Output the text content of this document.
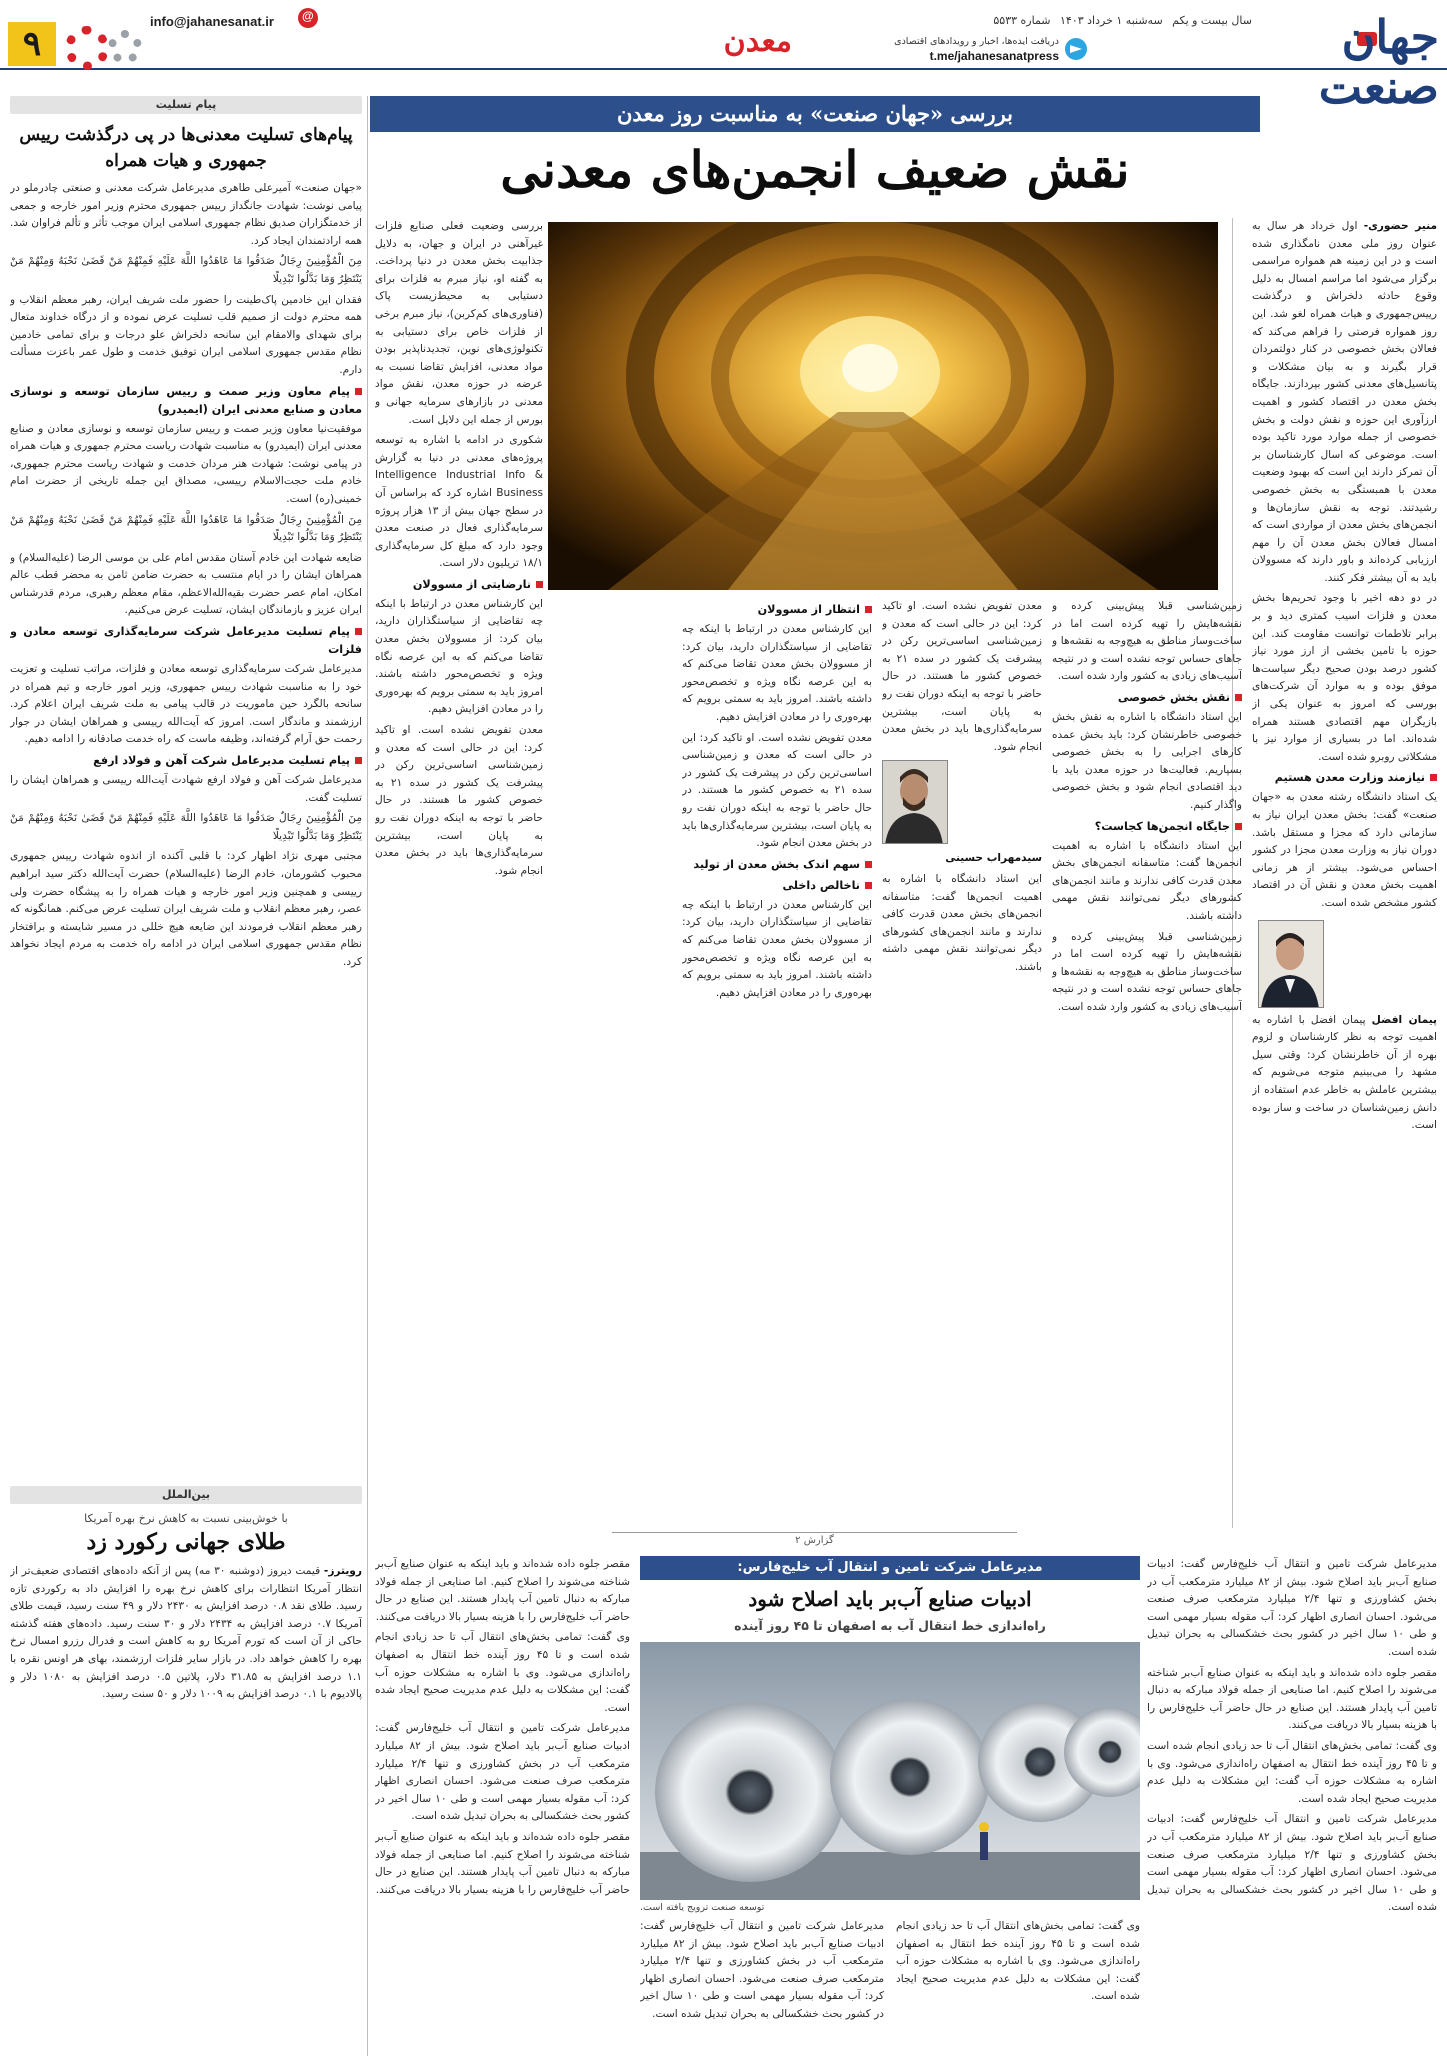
جهان صنعت
سال بیست و یکم سه‌شنبه ۱ خرداد ۱۴۰۳ شماره ۵۵۳۳
دریافت ایده‌ها، اخبار و رویدادهای اقتصادی
t.me/jahanesanatpress
معدن
@
info@jahanesanat.ir
۹
پیام تسلیت
پیام‌های تسلیت معدنی‌ها در پی درگذشت رییس جمهوری و هیات همراه

«جهان صنعت» آمیرعلی طاهری مدیرعامل شرکت معدنی و صنعتی چادرملو در پیامی نوشت: شهادت جانگداز رییس جمهوری محترم وزیر امور خارجه و جمعی از خدمتگزاران صدیق نظام جمهوری اسلامی ایران موجب تأثر و تألم فراوان شد. همه ارادتمندان ایجاد کرد.

مِنَ الْمُؤْمِنِينَ رِجَالٌ صَدَقُوا مَا عَاهَدُوا اللَّهَ عَلَيْهِ فَمِنْهُمْ مَنْ قَضَىٰ نَحْبَهُ وَمِنْهُمْ مَنْ يَنْتَظِرُ وَمَا بَدَّلُوا تَبْدِيلًا

فقدان این خادمین پاک‌طینت را حضور ملت شریف ایران، رهبر معظم انقلاب و همه محترم دولت از صمیم قلب تسلیت عرض نموده و از درگاه خداوند متعال برای شهدای والامقام این سانحه دلخراش علو درجات و برای تمامی خادمین نظام مقدس جمهوری اسلامی ایران توفیق خدمت و طول عمر باعزت مسألت دارم.

پیام معاون وزیر صمت و رییس سازمان توسعه و نوسازی معادن و صنایع معدنی ایران (ایمیدرو)

موفقیت‌نیا معاون وزیر صمت و رییس سازمان توسعه و نوسازی معادن و صنایع معدنی ایران (ایمیدرو) به مناسبت شهادت ریاست محترم جمهوری و هیات همراه در پیامی نوشت: شهادت هنر مردان خدمت و شهادت ریاست محترم جمهوری، خادم ملت حجت‌الاسلام رییسی، مصداق این جمله تاریخی از حضرت امام خمینی(ره) است.

مِنَ الْمُؤْمِنِينَ رِجَالٌ صَدَقُوا مَا عَاهَدُوا اللَّهَ عَلَيْهِ فَمِنْهُمْ مَنْ قَضَىٰ نَحْبَهُ وَمِنْهُمْ مَنْ يَنْتَظِرُ وَمَا بَدَّلُوا تَبْدِيلًا

ضایعه شهادت این خادم آستان مقدس امام علی بن موسی الرضا (علیه‌السلام) و همراهان ایشان را در ایام منتسب به حضرت ضامن ثامن به محضر قطب عالم امکان، امام عصر حضرت بقیه‌الله‌الاعظم، مقام معظم رهبری، مردم قدرشناس ایران عزیز و بازماندگان ایشان، تسلیت عرض می‌کنیم.

پیام تسلیت مدیرعامل شرکت سرمایه‌گذاری توسعه معادن و فلزات

مدیرعامل شرکت سرمایه‌گذاری توسعه معادن و فلزات، مراتب تسلیت و تعزیت خود را به مناسبت شهادت رییس جمهوری، وزیر امور خارجه و تیم همراه در سانحه بالگرد حین ماموریت در قالب پیامی به ملت شریف ایران اعلام کرد. ارزشمند و ماندگار است. امروز که آیت‌الله رییسی و همراهان ایشان در جوار رحمت حق آرام گرفته‌اند، وظیفه ماست که راه خدمت صادقانه را ادامه دهیم.

پیام تسلیت مدیرعامل شرکت آهن و فولاد ارفع

مدیرعامل شرکت آهن و فولاد ارفع شهادت آیت‌الله رییسی و همراهان ایشان را تسلیت گفت.

مِنَ الْمُؤْمِنِينَ رِجَالٌ صَدَقُوا مَا عَاهَدُوا اللَّهَ عَلَيْهِ فَمِنْهُمْ مَنْ قَضَىٰ نَحْبَهُ وَمِنْهُمْ مَنْ يَنْتَظِرُ وَمَا بَدَّلُوا تَبْدِيلًا

مجتبی مهری نژاد اظهار کرد: با قلبی آکنده از اندوه شهادت رییس جمهوری محبوب کشورمان، خادم الرضا (علیه‌السلام) حضرت آیت‌الله دکتر سید ابراهیم رییسی و همچنین وزیر امور خارجه و هیات همراه را به پیشگاه حضرت ولی عصر، رهبر معظم انقلاب و ملت شریف ایران تسلیت عرض می‌کنم. همانگونه که رهبر معظم انقلاب فرمودند این ضایعه هیچ خللی در مسیر شایسته و برافتخار نظام مقدس جمهوری اسلامی ایران در ادامه راه خدمت به مردم ایجاد نخواهد کرد.

بین‌الملل
با خوش‌بینی نسبت به کاهش نرخ بهره آمریکا
طلای جهانی رکورد زد

رویترز- قیمت دیروز (دوشنبه ۳۰ مه) پس از آنکه داده‌های اقتصادی ضعیف‌تر از انتظار آمریکا انتظارات برای کاهش نرخ بهره را افزایش داد به رکوردی تازه رسید. طلای نقد ۰.۸ درصد افزایش به ۲۴۳۰ دلار و ۴۹ سنت رسید، قیمت طلای آمریکا ۰.۷ درصد افزایش به ۲۴۳۴ دلار و ۳۰ سنت رسید. داده‌های هفته گذشته حاکی از آن است که تورم آمریکا رو به کاهش است و فدرال رزرو امسال نرخ بهره را کاهش خواهد داد. در بازار سایر فلزات ارزشمند، بهای هر اونس نقره با ۱.۱ درصد افزایش به ۳۱.۸۵ دلار، پلاتین ۰.۵ درصد افزایش به ۱۰۸۰ دلار و پالادیوم با ۰.۱ درصد افزایش به ۱۰۰۹ دلار و ۵۰ سنت رسید.

بررسی «جهان صنعت» به مناسبت روز معدن
نقش ضعیف انجمن‌های معدنی

منیر حضوری- اول خرداد هر سال به عنوان روز ملی معدن نامگذاری شده است و در این زمینه هم همواره مراسمی برگزار می‌شود اما مراسم امسال به دلیل وقوع حادثه دلخراش و درگذشت رییس‌جمهوری و هیات همراه لغو شد. این روز همواره فرصتی را فراهم می‌کند که فعالان بخش خصوصی در کنار دولتمردان قرار بگیرند و به بیان مشکلات و پتانسیل‌های معدنی کشور بپردازند. جایگاه بخش معدن در اقتصاد کشور و اهمیت ارزآوری این حوزه و نقش دولت و بخش خصوصی از جمله موارد مورد تاکید بوده است. موضوعی که اسال کارشناسان بر آن تمرکز دارند این است که بهبود وضعیت معدن با همبستگی به بخش خصوصی رشیدتند. توجه به نقش سازمان‌ها و انجمن‌های بخش معدن از مواردی است که امسال فعالان بخش معدن آن را مهم ارزیابی کرده‌اند و باور دارند که مسوولان باید به آن بیشتر فکر کنند.

در دو دهه اخیر با وجود تحریم‌ها بخش معدن و فلزات اسیب کمتری دید و بر برابر تلاطمات توانست مقاومت کند. این حوزه با تامین بخشی از ارز مورد نیاز کشور درصد بودن صحیح دیگر سیاست‌ها موفق بوده و به موارد آن شرکت‌های بورسی که امروز به عنوان یکی از بازیگران مهم اقتصادی هستند همراه شده‌اند. اما در بسیاری از موارد نیز با مشکلاتی روبرو شده است.

نیازمند وزارت معدن هستیم

یک استاد دانشگاه رشته معدن به «جهان صنعت» گفت: بخش معدن ایران نیاز به سازمانی دارد که مجزا و مستقل باشد. دوران نیاز به وزارت معدن مجزا در کشور احساس می‌شود. بیشتر از هر زمانی اهمیت بخش معدن و نقش آن در اقتصاد کشور مشخص شده است.

پیمان افضل پیمان افضل با اشاره به اهمیت توجه به نظر کارشناسان و لزوم بهره از آن خاطرنشان کرد: وقتی سیل مشهد را می‌بینیم متوجه می‌شویم که بیشترین عاملش به خاطر عدم استفاده از دانش زمین‌شناسان در ساخت و ساز بوده است.

زمین‌شناسی قبلا پیش‌بینی کرده و نقشه‌هایش را تهیه کرده است اما در ساخت‌وساز مناطق به هیچ‌وجه به نقشه‌ها و جاهای حساس توجه نشده است و در نتیجه آسیب‌های زیادی به کشور وارد شده است.

نقش بخش خصوصی

این استاد دانشگاه با اشاره به نقش بخش خصوصی خاطرنشان کرد: باید بخش عمده کارهای اجرایی را به بخش خصوصی بسپاریم. فعالیت‌ها در حوزه معدن باید با دید اقتصادی انجام شود و بخش خصوصی واگذار کنیم.

جایگاه انجمن‌ها کجاست؟

این استاد دانشگاه با اشاره به اهمیت انجمن‌ها گفت: متاسفانه انجمن‌های بخش معدن قدرت کافی ندارند و مانند انجمن‌های کشورهای دیگر نمی‌توانند نقش مهمی داشته باشند.

زمین‌شناسی قبلا پیش‌بینی کرده و نقشه‌هایش را تهیه کرده است اما در ساخت‌وساز مناطق به هیچ‌وجه به نقشه‌ها و جاهای حساس توجه نشده است و در نتیجه آسیب‌های زیادی به کشور وارد شده است.

معدن تفویض نشده است. او تاکید کرد: این در حالی است که معدن و زمین‌شناسی اساسی‌ترین رکن در پیشرفت یک کشور در سده ۲۱ به خصوص کشور ما هستند. در حال حاضر با توجه به اینکه دوران نفت رو به پایان است، بیشترین سرمایه‌گذاری‌ها باید در بخش معدن انجام شود.

سیدمهراب حسینی

این استاد دانشگاه با اشاره به اهمیت انجمن‌ها گفت: متاسفانه انجمن‌های بخش معدن قدرت کافی ندارند و مانند انجمن‌های کشورهای دیگر نمی‌توانند نقش مهمی داشته باشند.

انتظار از مسوولان

این کارشناس معدن در ارتباط با اینکه چه تقاضایی از سیاستگذاران دارید، بیان کرد: از مسوولان بخش معدن تقاضا می‌کنم که به این عرصه نگاه ویژه و تخصص‌محور داشته باشند. امروز باید به سمتی برویم که بهره‌وری را در معادن افزایش دهیم.

معدن تفویض نشده است. او تاکید کرد: این در حالی است که معدن و زمین‌شناسی اساسی‌ترین رکن در پیشرفت یک کشور در سده ۲۱ به خصوص کشور ما هستند. در حال حاضر با توجه به اینکه دوران نفت رو به پایان است، بیشترین سرمایه‌گذاری‌ها باید در بخش معدن انجام شود.

سهم اندک بخش معدن از تولید
ناخالص داخلی

این کارشناس معدن در ارتباط با اینکه چه تقاضایی از سیاستگذاران دارید، بیان کرد: از مسوولان بخش معدن تقاضا می‌کنم که به این عرصه نگاه ویژه و تخصص‌محور داشته باشند. امروز باید به سمتی برویم که بهره‌وری را در معادن افزایش دهیم.

بررسی وضعیت فعلی صنایع فلزات غیرآهنی در ایران و جهان، به دلایل جذابیت بخش معدن در دنیا پرداخت. به گفته او، نیاز مبرم به فلزات برای دستیابی به محیط‌زیست پاک (فناوری‌های کم‌کربن)، نیاز مبرم برخی از فلزات خاص برای دستیابی به تکنولوژی‌های نوین، تجدیدناپذیر بودن مواد معدنی، افزایش تقاضا نسبت به عرضه در حوزه معدن، نقش مواد معدنی در بازارهای سرمایه جهانی و بورس از جمله این دلایل است.

شکوری در ادامه با اشاره به توسعه پروژه‌های معدنی در دنیا به گزارش Intelligence Industrial Info & Business اشاره کرد که براساس آن در سطح جهان بیش از ۱۳ هزار پروژه سرمایه‌گذاری فعال در صنعت معدن وجود دارد که مبلغ کل سرمایه‌گذاری ۱۸/۱ تریلیون دلار است.

نارضایتی از مسوولان

این کارشناس معدن در ارتباط با اینکه چه تقاضایی از سیاستگذاران دارید، بیان کرد: از مسوولان بخش معدن تقاضا می‌کنم که به این عرصه نگاه ویژه و تخصص‌محور داشته باشند. امروز باید به سمتی برویم که بهره‌وری را در معادن افزایش دهیم.

معدن تفویض نشده است. او تاکید کرد: این در حالی است که معدن و زمین‌شناسی اساسی‌ترین رکن در پیشرفت یک کشور در سده ۲۱ به خصوص کشور ما هستند. در حال حاضر با توجه به اینکه دوران نفت رو به پایان است، بیشترین سرمایه‌گذاری‌ها باید در بخش معدن انجام شود.

گزارش ۲

مدیرعامل شرکت تامین و انتقال آب خلیج‌فارس گفت: ادبیات صنایع آب‌بر باید اصلاح شود. بیش از ۸۲ میلیارد مترمکعب آب در بخش کشاورزی و تنها ۲/۴ میلیارد مترمکعب صرف صنعت می‌شود. احسان انصاری اظهار کرد: آب مقوله بسیار مهمی است و طی ۱۰ سال اخیر در کشور بحث خشکسالی به بحران تبدیل شده است.

مقصر جلوه داده شده‌اند و باید اینکه به عنوان صنایع آب‌بر شناخته می‌شوند را اصلاح کنیم. اما صنایعی از جمله فولاد مبارکه به دنبال تامین آب پایدار هستند. این صنایع در حال حاضر آب خلیج‌فارس را با هزینه بسیار بالا دریافت می‌کنند.

وی گفت: تمامی بخش‌های انتقال آب تا حد زیادی انجام شده است و تا ۴۵ روز آینده خط انتقال به اصفهان راه‌اندازی می‌شود. وی با اشاره به مشکلات حوزه آب گفت: این مشکلات به دلیل عدم مدیریت صحیح ایجاد شده است.

مدیرعامل شرکت تامین و انتقال آب خلیج‌فارس گفت: ادبیات صنایع آب‌بر باید اصلاح شود. بیش از ۸۲ میلیارد مترمکعب آب در بخش کشاورزی و تنها ۲/۴ میلیارد مترمکعب صرف صنعت می‌شود. احسان انصاری اظهار کرد: آب مقوله بسیار مهمی است و طی ۱۰ سال اخیر در کشور بحث خشکسالی به بحران تبدیل شده است.

مدیرعامل شرکت تامین و انتقال آب خلیج‌فارس:
ادبیات صنایع آب‌بر باید اصلاح شود
راه‌اندازی خط انتقال آب به اصفهان تا ۴۵ روز آینده
توسعه صنعت ترویج یافته است.

مقصر جلوه داده شده‌اند و باید اینکه به عنوان صنایع آب‌بر شناخته می‌شوند را اصلاح کنیم. اما صنایعی از جمله فولاد مبارکه به دنبال تامین آب پایدار هستند. این صنایع در حال حاضر آب خلیج‌فارس را با هزینه بسیار بالا دریافت می‌کنند.

وی گفت: تمامی بخش‌های انتقال آب تا حد زیادی انجام شده است و تا ۴۵ روز آینده خط انتقال به اصفهان راه‌اندازی می‌شود. وی با اشاره به مشکلات حوزه آب گفت: این مشکلات به دلیل عدم مدیریت صحیح ایجاد شده است.

مدیرعامل شرکت تامین و انتقال آب خلیج‌فارس گفت: ادبیات صنایع آب‌بر باید اصلاح شود. بیش از ۸۲ میلیارد مترمکعب آب در بخش کشاورزی و تنها ۲/۴ میلیارد مترمکعب صرف صنعت می‌شود. احسان انصاری اظهار کرد: آب مقوله بسیار مهمی است و طی ۱۰ سال اخیر در کشور بحث خشکسالی به بحران تبدیل شده است.

مقصر جلوه داده شده‌اند و باید اینکه به عنوان صنایع آب‌بر شناخته می‌شوند را اصلاح کنیم. اما صنایعی از جمله فولاد مبارکه به دنبال تامین آب پایدار هستند. این صنایع در حال حاضر آب خلیج‌فارس را با هزینه بسیار بالا دریافت می‌کنند.

وی گفت: تمامی بخش‌های انتقال آب تا حد زیادی انجام شده است و تا ۴۵ روز آینده خط انتقال به اصفهان راه‌اندازی می‌شود. وی با اشاره به مشکلات حوزه آب گفت: این مشکلات به دلیل عدم مدیریت صحیح ایجاد شده است.

مدیرعامل شرکت تامین و انتقال آب خلیج‌فارس گفت: ادبیات صنایع آب‌بر باید اصلاح شود. بیش از ۸۲ میلیارد مترمکعب آب در بخش کشاورزی و تنها ۲/۴ میلیارد مترمکعب صرف صنعت می‌شود. احسان انصاری اظهار کرد: آب مقوله بسیار مهمی است و طی ۱۰ سال اخیر در کشور بحث خشکسالی به بحران تبدیل شده است.
